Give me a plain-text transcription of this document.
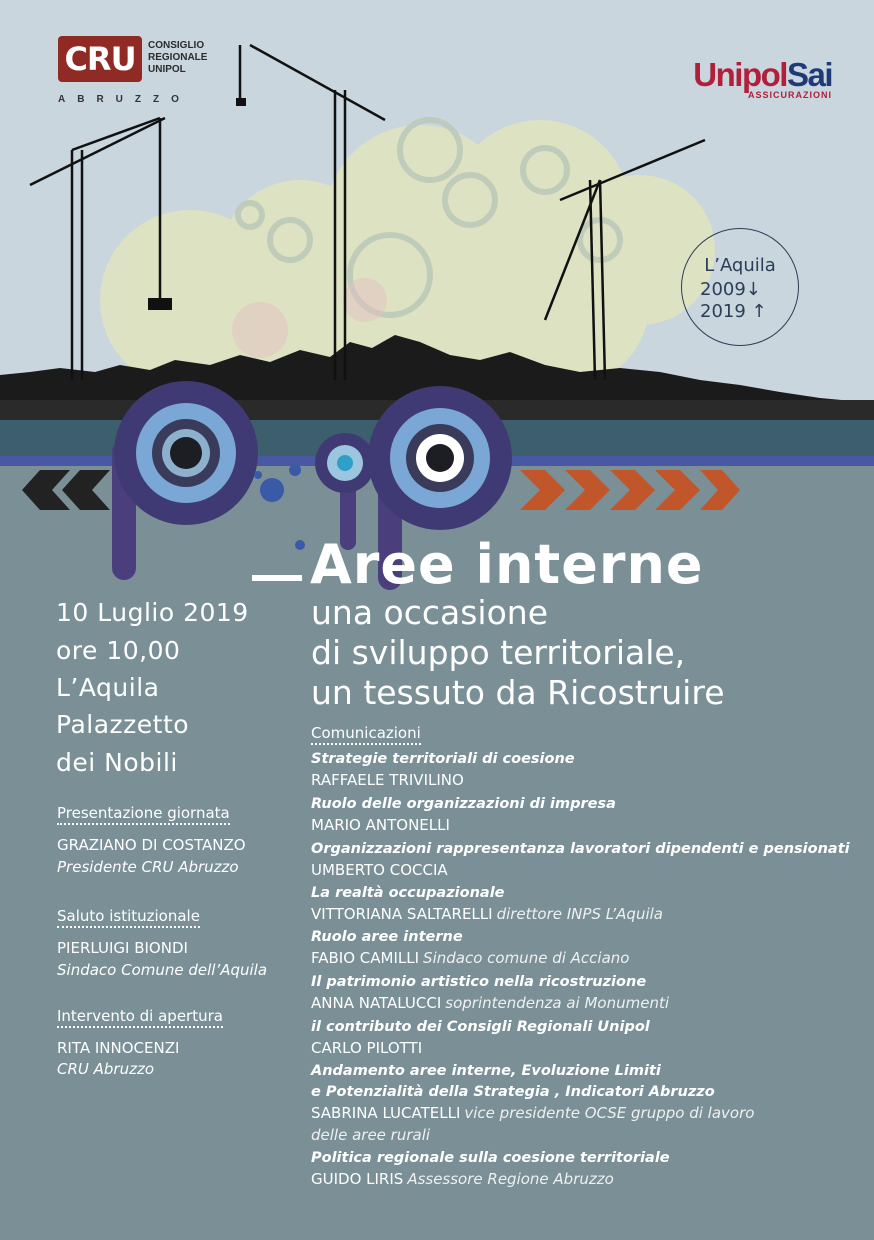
CRU	CONSIGLIO
REGIONALE
UNIPOL
ABRUZZO
UnipolSai
ASSICURAZIONI
L’Aquila
2009↓
2019 ↑
Aree interne
una occasione
di sviluppo territoriale,
un tessuto da Ricostruire
10 Luglio 2019
ore 10,00
L’Aquila
Palazzetto
dei Nobili
Presentazione giornata
GRAZIANO DI COSTANZO
Presidente CRU Abruzzo
Saluto istituzionale
PIERLUIGI BIONDI
Sindaco Comune dell’Aquila
Intervento di apertura
RITA INNOCENZI
CRU Abruzzo
Comunicazioni
Strategie territoriali di coesione
RAFFAELE TRIVILINO
Ruolo delle organizzazioni di impresa
MARIO ANTONELLI
Organizzazioni rappresentanza lavoratori dipendenti e pensionati
UMBERTO COCCIA
La realtà occupazionale
VITTORIANA SALTARELLI direttore INPS L’Aquila
Ruolo aree interne
FABIO CAMILLI Sindaco comune di Acciano
Il patrimonio artistico nella ricostruzione
ANNA NATALUCCI soprintendenza ai Monumenti
il contributo dei Consigli Regionali Unipol
CARLO PILOTTI
Andamento aree interne, Evoluzione Limiti
e Potenzialità della Strategia , Indicatori Abruzzo
SABRINA LUCATELLI vice presidente OCSE gruppo di lavoro
delle aree rurali
Politica regionale sulla coesione territoriale
GUIDO LIRIS Assessore Regione Abruzzo
